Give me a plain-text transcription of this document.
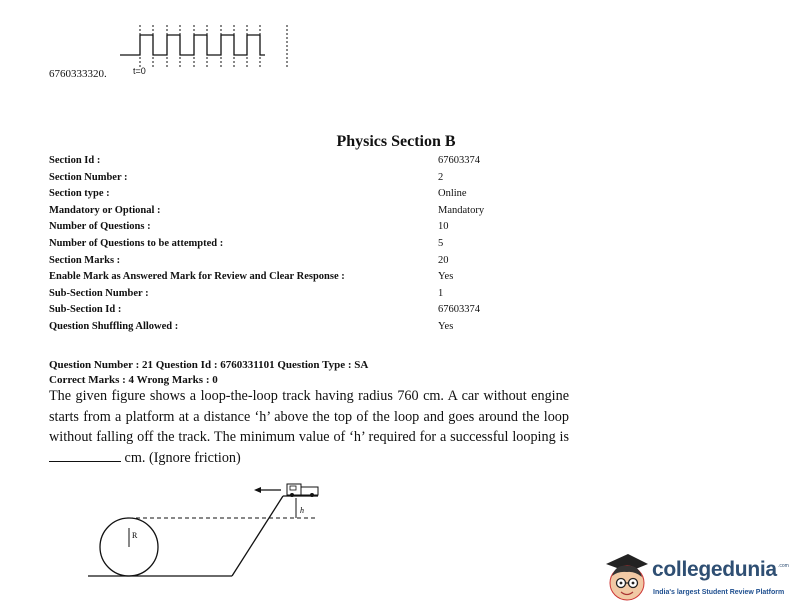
t=0
6760333320.
Physics Section B
Section Id :	67603374
Section Number :	2
Section type :	Online
Mandatory or Optional :	Mandatory
Number of Questions :	10
Number of Questions to be attempted :	5
Section Marks :	20
Enable Mark as Answered Mark for Review and Clear Response :	Yes
Sub-Section Number :	1
Sub-Section Id :	67603374
Question Shuffling Allowed :	Yes
Question Number : 21 Question Id : 6760331101 Question Type : SA
Correct Marks : 4 Wrong Marks : 0
The given figure shows a loop-the-loop track having radius 760 cm. A car without engine starts from a platform at a distance ‘h’ above the top of the loop and goes around the loop without falling off the track. The minimum value of ‘h’ required for a successful looping is  cm. (Ignore friction)
R
h
collegedunia .com
India's largest Student Review Platform
